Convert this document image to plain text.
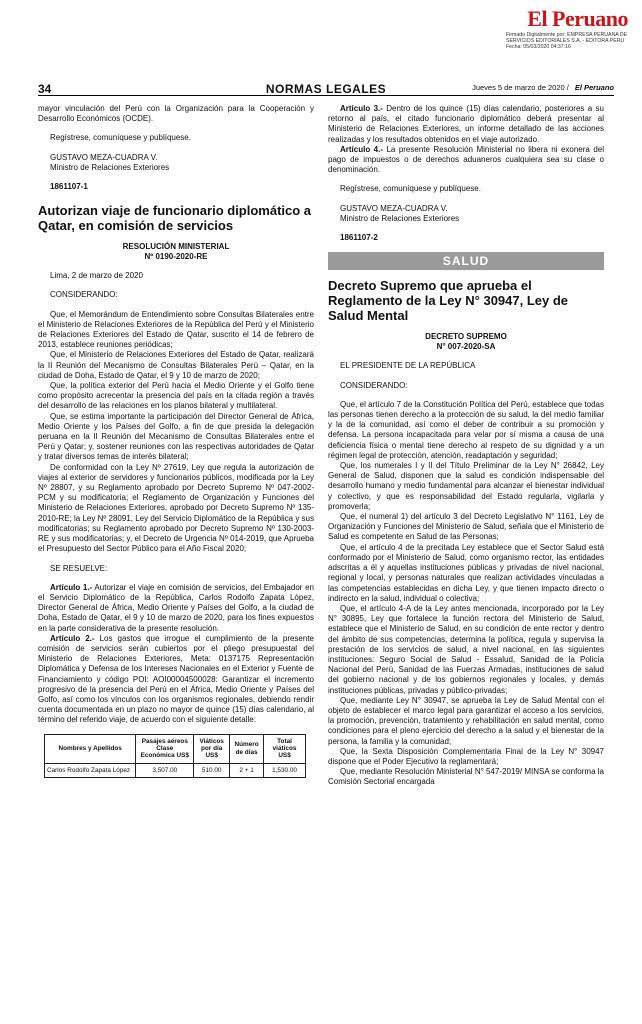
El Peruano
Firmado Digitalmente por: EMPRESA PERUANA DE SERVICIOS EDITORIALES S.A. - EDITORA PERU Fecha: 05/03/2020 04:37:16
34	NORMAS LEGALES	Jueves 5 de marzo de 2020 / El Peruano

mayor vinculación del Perú con la Organización para la Cooperación y Desarrollo Económicos (OCDE).

Regístrese, comuníquese y publíquese.

GUSTAVO MEZA-CUADRA V.

Ministro de Relaciones Exteriores

1861107-1

Autorizan viaje de funcionario diplomático a Qatar, en comisión de servicios

RESOLUCIÓN MINISTERIAL

Nº 0190-2020-RE

Lima, 2 de marzo de 2020

CONSIDERANDO:

Que, el Memorándum de Entendimiento sobre Consultas Bilaterales entre el Ministerio de Relaciones Exteriores de la República del Perú y el Ministerio de Relaciones Exteriores del Estado de Qatar, suscrito el 14 de febrero de 2013, establece reuniones periódicas;

Que, el Ministerio de Relaciones Exteriores del Estado de Qatar, realizará la II Reunión del Mecanismo de Consultas Bilaterales Perú – Qatar, en la ciudad de Doha, Estado de Qatar, el 9 y 10 de marzo de 2020;

Que, la política exterior del Perú hacia el Medio Oriente y el Golfo tiene como propósito acrecentar la presencia del país en la citada región a través del desarrollo de las relaciones en los planos bilateral y multilateral.

Que, se estima importante la participación del Director General de África, Medio Oriente y los Países del Golfo, a fin de que presida la delegación peruana en la II Reunión del Mecanismo de Consultas Bilaterales entre el Perú y Qatar; y, sostener reuniones con las respectivas autoridades de Qatar y tratar diversos temas de interés bilateral;

De conformidad con la Ley Nº 27619, Ley que regula la autorización de viajes al exterior de servidores y funcionarios públicos, modificada por la Ley Nº 28807, y su Reglamento aprobado por Decreto Supremo Nº 047-2002-PCM y su modificatoria; el Reglamento de Organización y Funciones del Ministerio de Relaciones Exteriores, aprobado por Decreto Supremo Nº 135-2010-RE; la Ley Nº 28091, Ley del Servicio Diplomático de la República y sus modificatorias; su Reglamento aprobado por Decreto Supremo Nº 130-2003-RE y sus modificatorias; y, el Decreto de Urgencia Nº 014-2019, que Aprueba el Presupuesto del Sector Público para el Año Fiscal 2020;

SE RESUELVE:

Artículo 1.- Autorizar el viaje en comisión de servicios, del Embajador en el Servicio Diplomático de la República, Carlos Rodolfo Zapata López, Director General de África, Medio Oriente y Países del Golfo, a la ciudad de Doha, Estado de Qatar, el 9 y 10 de marzo de 2020, para los fines expuestos en la parte considerativa de la presente resolución.

Artículo 2.- Los gastos que irrogue el cumplimiento de la presente comisión de servicios serán cubiertos por el pliego presupuestal del Ministerio de Relaciones Exteriores, Meta: 0137175 Representación Diplomática y Defensa de los Intereses Nacionales en el Exterior y Fuente de Financiamiento y código POI: AOI00004500028: Garantizar el incremento progresivo de la presencia del Perú en el África, Medio Oriente y Países del Golfo, así como los vínculos con los organismos regionales, debiendo rendir cuenta documentada en un plazo no mayor de quince (15) días calendario, al término del referido viaje, de acuerdo con el siguiente detalle:

Nombres y Apellidos	Pasajes aéreos Clase Económica US$	Viáticos por día US$	Número de días	Total viáticos US$
Carlos Rodolfo Zapata López	3,507.00	510.00	2 + 1	1,530.00

Artículo 3.- Dentro de los quince (15) días calendario, posteriores a su retorno al país, el citado funcionario diplomático deberá presentar al Ministerio de Relaciones Exteriores, un informe detallado de las acciones realizadas y los resultados obtenidos en el viaje autorizado.

Artículo 4.- La presente Resolución Ministerial no libera ni exonera del pago de impuestos o de derechos aduaneros cualquiera sea su clase o denominación.

Regístrese, comuníquese y publíquese.

GUSTAVO MEZA-CUADRA V.

Ministro de Relaciones Exteriores

1861107-2

SALUD
Decreto Supremo que aprueba el Reglamento de la Ley N° 30947, Ley de Salud Mental

DECRETO SUPREMO

N° 007-2020-SA

EL PRESIDENTE DE LA REPÚBLICA

CONSIDERANDO:

Que, el artículo 7 de la Constitución Política del Perú, establece que todas las personas tienen derecho a la protección de su salud, la del medio familiar y la de la comunidad, así como el deber de contribuir a su promoción y defensa. La persona incapacitada para velar por sí misma a causa de una deficiencia física o mental tiene derecho al respeto de su dignidad y a un régimen legal de protección, atención, readaptación y seguridad;

Que, los numerales I y II del Título Preliminar de la Ley N° 26842, Ley General de Salud, disponen que la salud es condición indispensable del desarrollo humano y medio fundamental para alcanzar el bienestar individual y colectivo, y que es responsabilidad del Estado regularla, vigilarla y promoverla;

Que, el numeral 1) del artículo 3 del Decreto Legislativo N° 1161, Ley de Organización y Funciones del Ministerio de Salud, señala que el Ministerio de Salud es competente en Salud de las Personas;

Que, el artículo 4 de la precitada Ley establece que el Sector Salud está conformado por el Ministerio de Salud, como organismo rector, las entidades adscritas a él y aquellas instituciones públicas y privadas de nivel nacional, regional y local, y personas naturales que realizan actividades vinculadas a las competencias establecidas en dicha Ley, y que tienen impacto directo o indirecto en la salud, individual o colectiva;

Que, el artículo 4-A de la Ley antes mencionada, incorporado por la Ley N° 30895, Ley que fortalece la función rectora del Ministerio de Salud, establece que el Ministerio de Salud, en su condición de ente rector y dentro del ámbito de sus competencias, determina la política, regula y supervisa la prestación de los servicios de salud, a nivel nacional, en las siguientes instituciones: Seguro Social de Salud - Essalud, Sanidad de la Policía Nacional del Perú, Sanidad de las Fuerzas Armadas, instituciones de salud del gobierno nacional y de los gobiernos regionales y locales, y demás instituciones públicas, privadas y público-privadas;

Que, mediante Ley N° 30947, se aprueba la Ley de Salud Mental con el objeto de establecer el marco legal para garantizar el acceso a los servicios, la promoción, prevención, tratamiento y rehabilitación en salud mental, como condiciones para el pleno ejercicio del derecho a la salud y el bienestar de la persona, la familia y la comunidad;

Que, la Sexta Disposición Complementaria Final de la Ley N° 30947 dispone que el Poder Ejecutivo la reglamentará;

Que, mediante Resolución Ministerial N° 547-2019/ MINSA se conforma la Comisión Sectorial encargada
